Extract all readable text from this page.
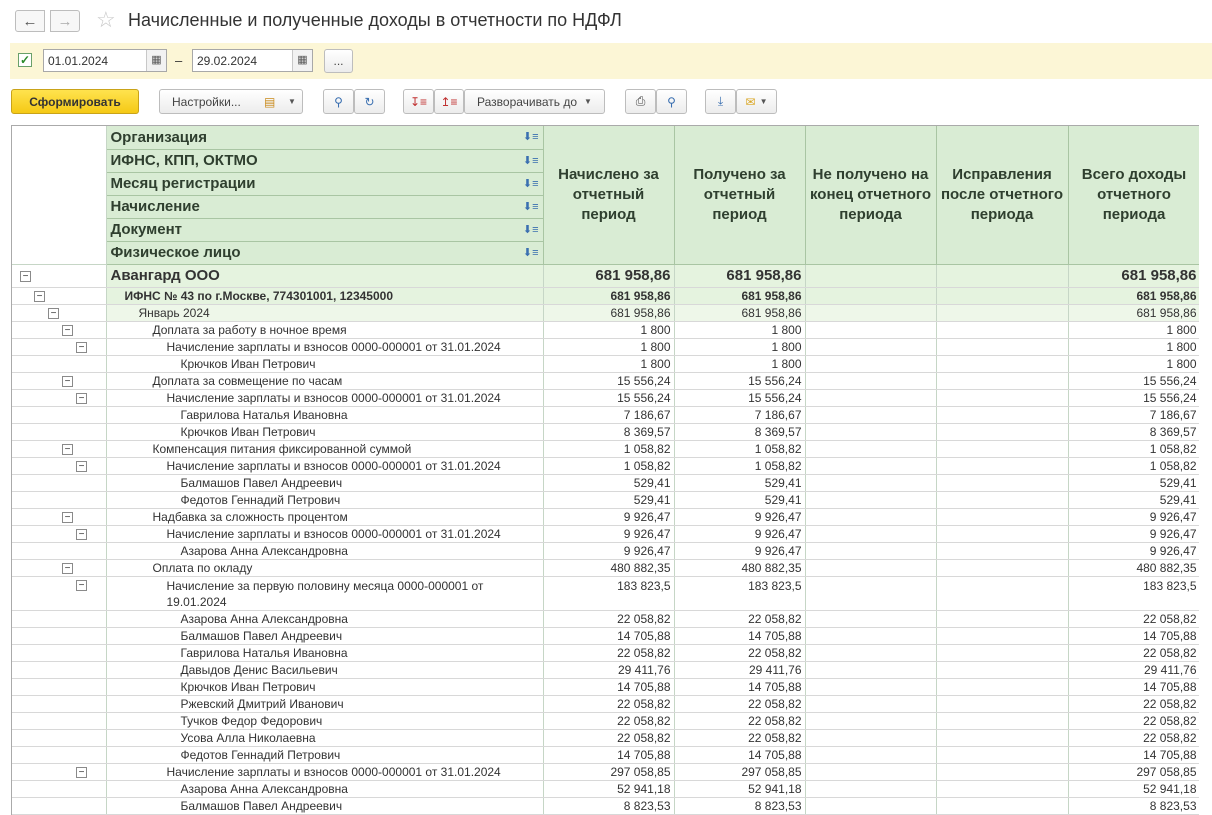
←	→	☆ Начисленные и полученные доходы в отчетности по НДФЛ
✓	01.01.2024	▦	–	29.02.2024	▦	...
Сформировать	Настройки... ▤ ▼	⚲ ↻	↧≡ ↥≡ Разворачивать до ▼	⎙ ⚲	⤓ ✉ ▼
	Организация ⬇≡	Начислено за отчетный период	Получено за отчетный период	Не получено на конец отчетного периода	Исправления после отчетного периода	Всего доходы отчетного периода
	ИФНС, КПП, ОКТМО ⬇≡					

	Месяц регистрации ⬇≡					

	Начисление ⬇≡					

	Документ ⬇≡					

	Физическое лицо ⬇≡					

−	Авангард ООО	681 958,86	681 958,86			681 958,86

−	ИФНС № 43 по г.Москве, 774301001, 12345000	681 958,86	681 958,86			681 958,86

−	Январь 2024	681 958,86	681 958,86			681 958,86

−	Доплата за работу в ночное время	1 800	1 800			1 800

−	Начисление зарплаты и взносов 0000-000001 от 31.01.2024	1 800	1 800			1 800
	Крючков Иван Петрович	1 800	1 800			1 800

−	Доплата за совмещение по часам	15 556,24	15 556,24			15 556,24

−	Начисление зарплаты и взносов 0000-000001 от 31.01.2024	15 556,24	15 556,24			15 556,24
	Гаврилова Наталья Ивановна	7 186,67	7 186,67			7 186,67
	Крючков Иван Петрович	8 369,57	8 369,57			8 369,57

−	Компенсация питания фиксированной суммой	1 058,82	1 058,82			1 058,82

−	Начисление зарплаты и взносов 0000-000001 от 31.01.2024	1 058,82	1 058,82			1 058,82
	Балмашов Павел Андреевич	529,41	529,41			529,41
	Федотов Геннадий Петрович	529,41	529,41			529,41

−	Надбавка за сложность процентом	9 926,47	9 926,47			9 926,47

−	Начисление зарплаты и взносов 0000-000001 от 31.01.2024	9 926,47	9 926,47			9 926,47
	Азарова Анна Александровна	9 926,47	9 926,47			9 926,47

−	Оплата по окладу	480 882,35	480 882,35			480 882,35

−	Начисление за первую половину месяца 0000-000001 от 19.01.2024	183 823,5	183 823,5			183 823,5
	Азарова Анна Александровна	22 058,82	22 058,82			22 058,82
	Балмашов Павел Андреевич	14 705,88	14 705,88			14 705,88
	Гаврилова Наталья Ивановна	22 058,82	22 058,82			22 058,82
	Давыдов Денис Васильевич	29 411,76	29 411,76			29 411,76
	Крючков Иван Петрович	14 705,88	14 705,88			14 705,88
	Ржевский Дмитрий Иванович	22 058,82	22 058,82			22 058,82
	Тучков Федор Федорович	22 058,82	22 058,82			22 058,82
	Усова Алла Николаевна	22 058,82	22 058,82			22 058,82
	Федотов Геннадий Петрович	14 705,88	14 705,88			14 705,88

−	Начисление зарплаты и взносов 0000-000001 от 31.01.2024	297 058,85	297 058,85			297 058,85
	Азарова Анна Александровна	52 941,18	52 941,18			52 941,18
	Балмашов Павел Андреевич	8 823,53	8 823,53			8 823,53
